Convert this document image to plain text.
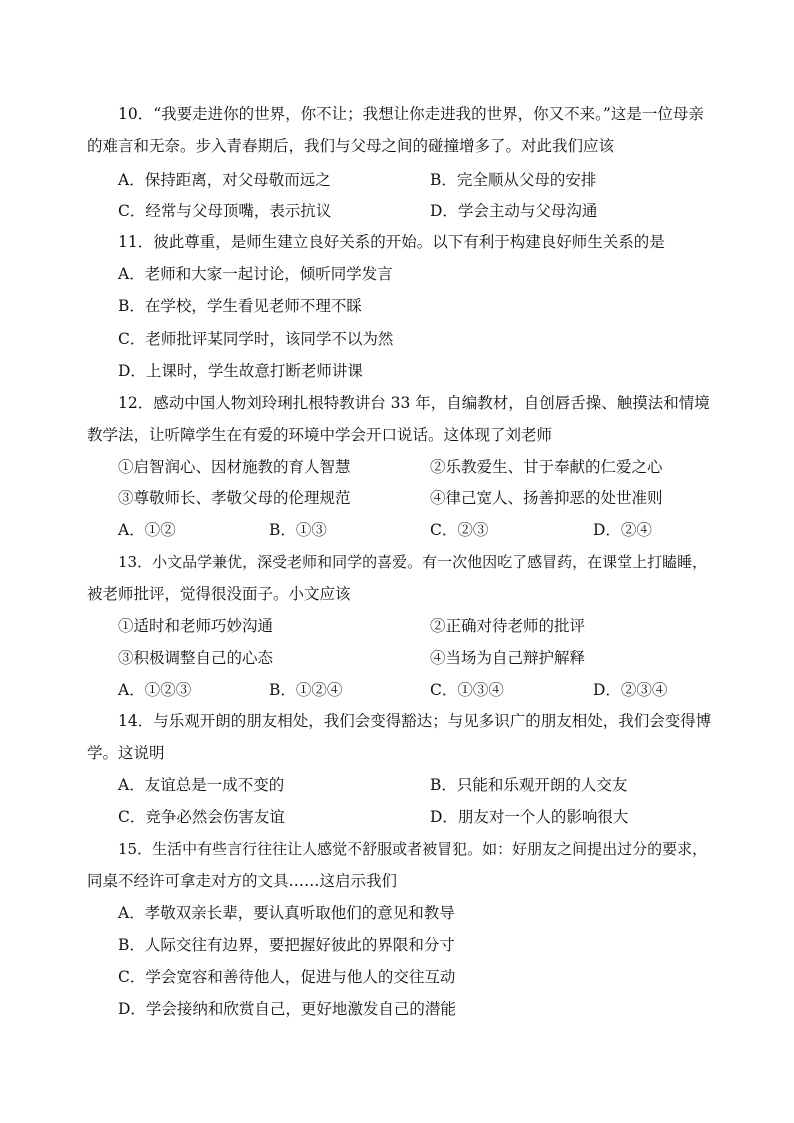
10．“我要走进你的世界，你不让；我想让你走进我的世界，你又不来。”这是一位母亲
的难言和无奈。步入青春期后，我们与父母之间的碰撞增多了。对此我们应该
A．保持距离，对父母敬而远之	B．完全顺从父母的安排
C．经常与父母顶嘴，表示抗议	D．学会主动与父母沟通
11．彼此尊重，是师生建立良好关系的开始。以下有利于构建良好师生关系的是
A．老师和大家一起讨论，倾听同学发言
B．在学校，学生看见老师不理不睬
C．老师批评某同学时，该同学不以为然
D．上课时，学生故意打断老师讲课
12．感动中国人物刘玲琍扎根特教讲台 33 年，自编教材，自创唇舌操、触摸法和情境
教学法，让听障学生在有爱的环境中学会开口说话。这体现了刘老师
①启智润心、因材施教的育人智慧	②乐教爱生、甘于奉献的仁爱之心
③尊敬师长、孝敬父母的伦理规范	④律己宽人、扬善抑恶的处世准则
A．①②	B．①③	C．②③	D．②④
13．小文品学兼优，深受老师和同学的喜爱。有一次他因吃了感冒药，在课堂上打瞌睡，
被老师批评，觉得很没面子。小文应该
①适时和老师巧妙沟通	②正确对待老师的批评
③积极调整自己的心态	④当场为自己辩护解释
A．①②③	B．①②④	C．①③④	D．②③④
14．与乐观开朗的朋友相处，我们会变得豁达；与见多识广的朋友相处，我们会变得博
学。这说明
A．友谊总是一成不变的	B．只能和乐观开朗的人交友
C．竞争必然会伤害友谊	D．朋友对一个人的影响很大
15．生活中有些言行往往让人感觉不舒服或者被冒犯。如：好朋友之间提出过分的要求，
同桌不经许可拿走对方的文具……这启示我们
A．孝敬双亲长辈，要认真听取他们的意见和教导
B．人际交往有边界，要把握好彼此的界限和分寸
C．学会宽容和善待他人，促进与他人的交往互动
D．学会接纳和欣赏自己，更好地激发自己的潜能
